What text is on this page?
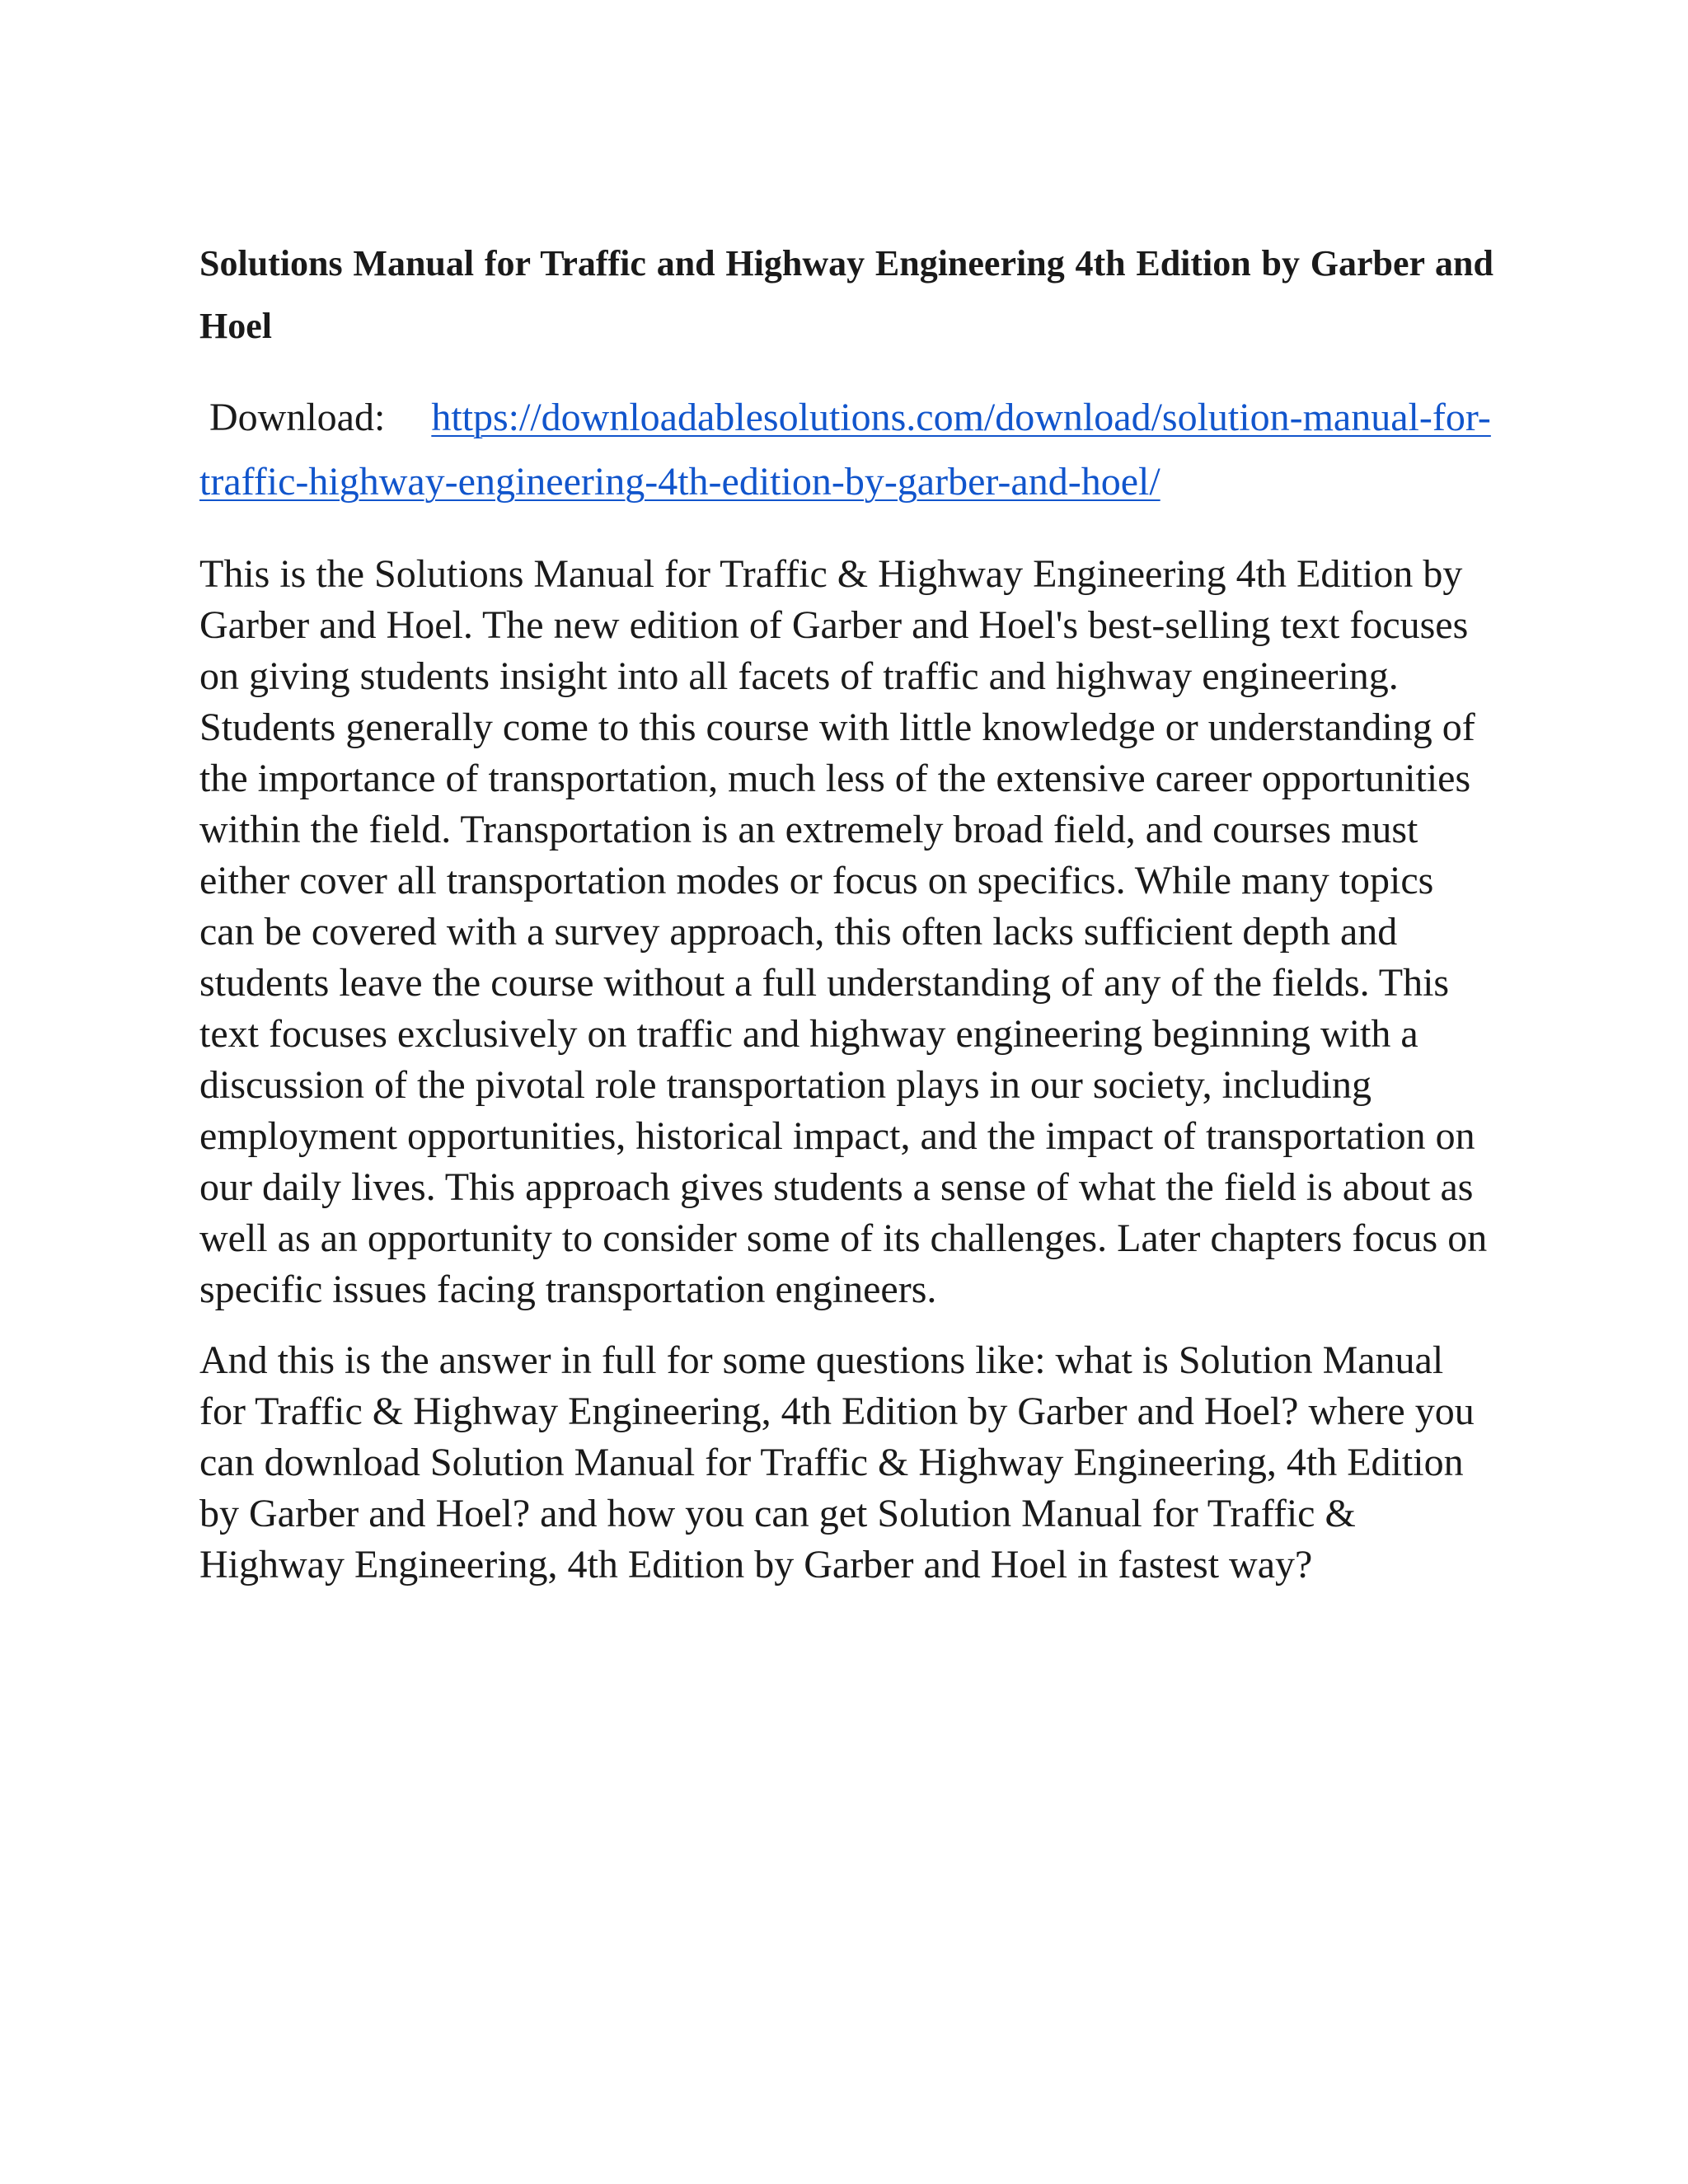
Solutions Manual for Traffic and Highway Engineering 4th Edition by Garber and Hoel
Download: https://downloadablesolutions.com/download/solution-manual-for-traffic-highway-engineering-4th-edition-by-garber-and-hoel/

This is the Solutions Manual for Traffic & Highway Engineering 4th Edition by Garber and Hoel. The new edition of Garber and Hoel's best-selling text focuses on giving students insight into all facets of traffic and highway engineering. Students generally come to this course with little knowledge or understanding of the importance of transportation, much less of the extensive career opportunities within the field. Transportation is an extremely broad field, and courses must either cover all transportation modes or focus on specifics. While many topics can be covered with a survey approach, this often lacks sufficient depth and students leave the course without a full understanding of any of the fields. This text focuses exclusively on traffic and highway engineering beginning with a discussion of the pivotal role transportation plays in our society, including employment opportunities, historical impact, and the impact of transportation on our daily lives. This approach gives students a sense of what the field is about as well as an opportunity to consider some of its challenges. Later chapters focus on specific issues facing transportation engineers.

And this is the answer in full for some questions like: what is Solution Manual for Traffic & Highway Engineering, 4th Edition by Garber and Hoel? where you can download Solution Manual for Traffic & Highway Engineering, 4th Edition by Garber and Hoel? and how you can get Solution Manual for Traffic & Highway Engineering, 4th Edition by Garber and Hoel in fastest way?
